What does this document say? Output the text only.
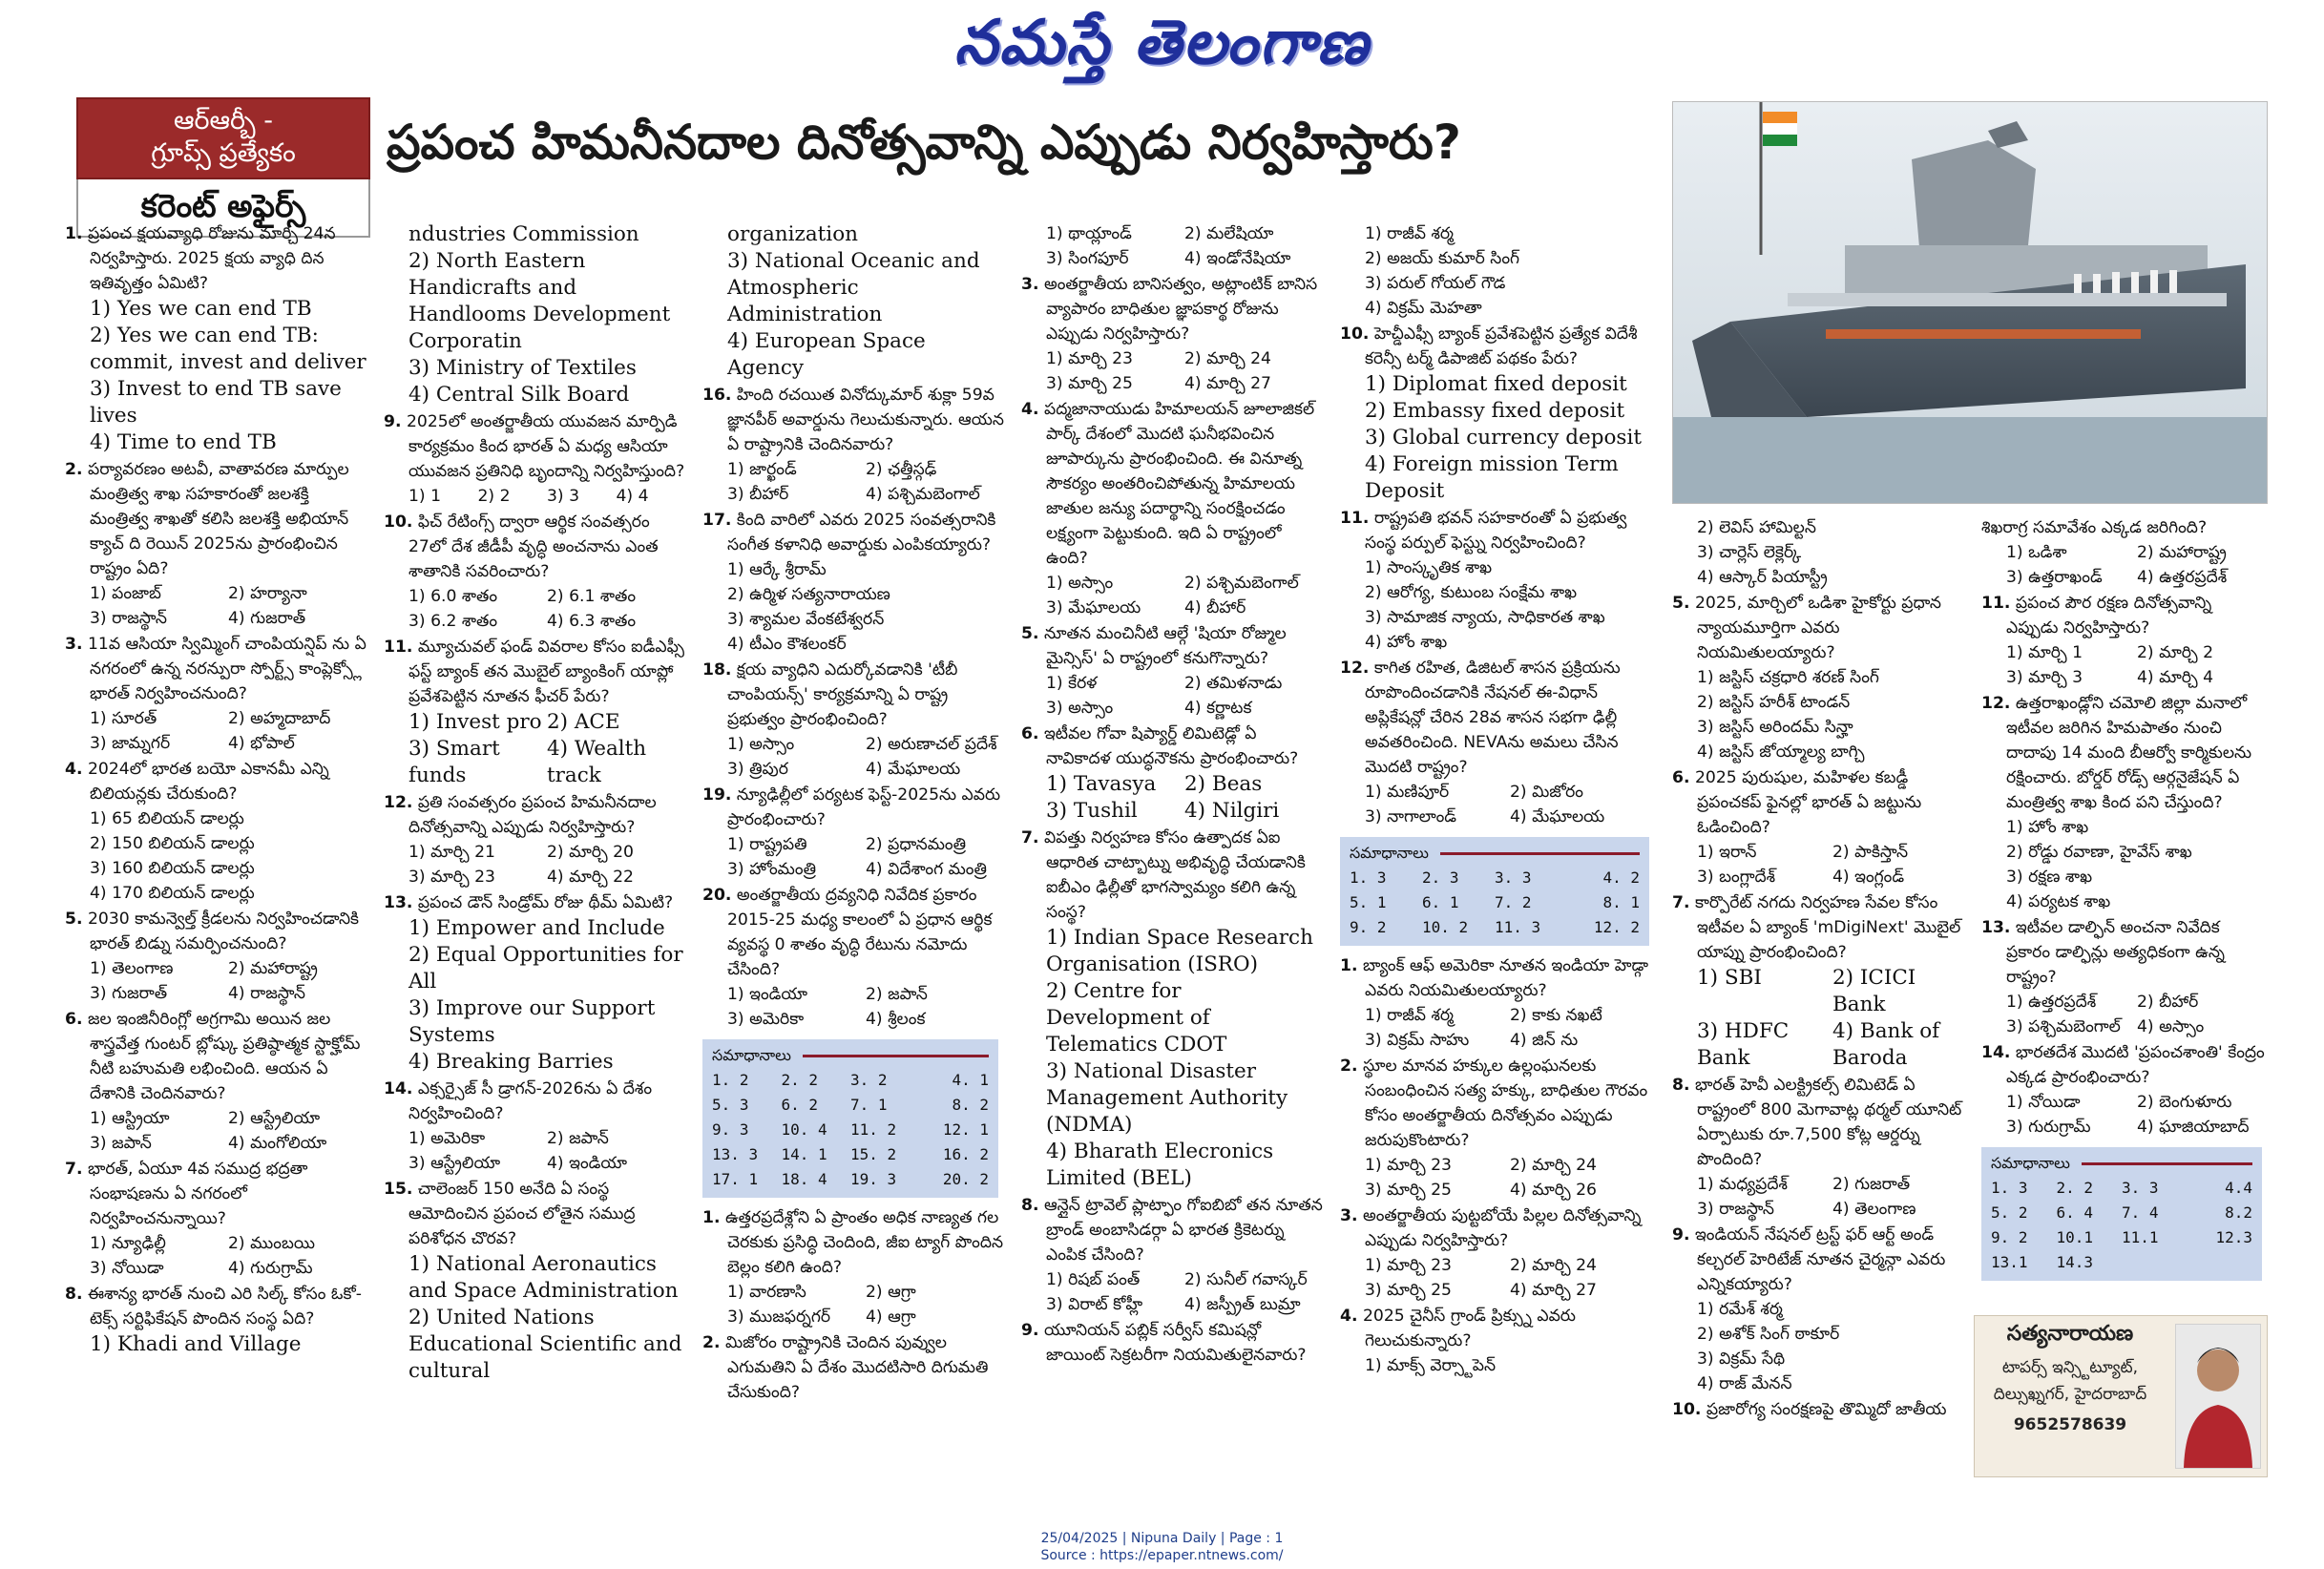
నమస్తే తెలంగాణ
ఆర్ఆర్బీ -
గ్రూప్స్ ప్రత్యేకం
కరెంట్ అఫైర్స్
ప్రపంచ హిమనీనదాల దినోత్సవాన్ని ఎప్పుడు నిర్వహిస్తారు?
1. ప్రపంచ క్షయవ్యాధి రోజును మార్చి 24న నిర్వహిస్తారు. 2025 క్షయ వ్యాధి దిన ఇతివృత్తం ఏమిటి?
1) Yes we can end TB
2) Yes we can end TB: commit, invest and deliver
3) Invest to end TB save lives
4) Time to end TB
2. పర్యావరణం అటవీ, వాతావరణ మార్పుల మంత్రిత్వ శాఖ సహకారంతో జలశక్తి మంత్రిత్వ శాఖతో కలిసి జలశక్తి అభియాన్ క్యాచ్ ది రెయిన్ 2025ను ప్రారంభించిన రాష్ట్రం ఏది?
1) పంజాబ్	2) హర్యానా
3) రాజస్థాన్	4) గుజరాత్
3. 11వ ఆసియా స్విమ్మింగ్ చాంపియన్షిప్ ను ఏ నగరంలో ఉన్న నరన్పురా స్పోర్ట్స్ కాంప్లెక్స్లో భారత్ నిర్వహించనుంది?
1) సూరత్	2) అహ్మదాబాద్
3) జామ్నగర్	4) భోపాల్
4. 2024లో భారత బయో ఎకానమీ ఎన్ని బిలియన్లకు చేరుకుంది?
1) 65 బిలియన్ డాలర్లు
2) 150 బిలియన్ డాలర్లు
3) 160 బిలియన్ డాలర్లు
4) 170 బిలియన్ డాలర్లు
5. 2030 కామన్వెల్త్ క్రీడలను నిర్వహించడానికి భారత్ బిడ్ను సమర్పించనుంది?
1) తెలంగాణ	2) మహారాష్ట్ర
3) గుజరాత్	4) రాజస్థాన్
6. జల ఇంజినీరింగ్లో అగ్రగామి అయిన జల శాస్త్రవేత్త గుంటర్ బ్లోష్కు ప్రతిష్ఠాత్మక స్టాక్హోమ్ నీటి బహుమతి లభించింది. ఆయన ఏ దేశానికి చెందినవారు?
1) ఆస్ట్రియా	2) ఆస్ట్రేలియా
3) జపాన్	4) మంగోలియా
7. భారత్, ఏయూ 4వ సముద్ర భద్రతా సంభాషణను ఏ నగరంలో నిర్వహించనున్నాయి?
1) న్యూఢిల్లీ	2) ముంబయి
3) నోయిడా	4) గురుగ్రామ్
8. ఈశాన్య భారత్ నుంచి ఎరి సిల్క్ కోసం ఓకో-టెక్స్ సర్టిఫికేషన్ పొందిన సంస్థ ఏది?
1) Khadi and Village
ndustries Commission
2) North Eastern Handicrafts and Handlooms Development Corporatin
3) Ministry of Textiles
4) Central Silk Board
9. 2025లో అంతర్జాతీయ యువజన మార్పిడి కార్యక్రమం కింద భారత్ ఏ మధ్య ఆసియా యువజన ప్రతినిధి బృందాన్ని నిర్వహిస్తుంది?
1) 1	2) 2	3) 3	4) 4
10. ఫిచ్ రేటింగ్స్ ద్వారా ఆర్థిక సంవత్సరం 27లో దేశ జీడీపీ వృద్ధి అంచనాను ఎంత శాతానికి సవరించారు?
1) 6.0 శాతం	2) 6.1 శాతం
3) 6.2 శాతం	4) 6.3 శాతం
11. మ్యూచువల్ ఫండ్ వివరాల కోసం ఐడీఎఫ్సీ ఫస్ట్ బ్యాంక్ తన మొబైల్ బ్యాంకింగ్ యాప్లో ప్రవేశపెట్టిన నూతన ఫీచర్ పేరు?
1) Invest pro 2) ACE
3) Smart funds
4) Wealth track
12. ప్రతి సంవత్సరం ప్రపంచ హిమనీనదాల దినోత్సవాన్ని ఎప్పుడు నిర్వహిస్తారు?
1) మార్చి 21	2) మార్చి 20
3) మార్చి 23	4) మార్చి 22
13. ప్రపంచ డౌన్ సిండ్రోమ్ రోజు థీమ్ ఏమిటి?
1) Empower and Include
2) Equal Opportunities for All
3) Improve our Support Systems
4) Breaking Barries
14. ఎక్సర్సైజ్ సీ డ్రాగన్-2026ను ఏ దేశం నిర్వహించింది?
1) అమెరికా	2) జపాన్
3) ఆస్ట్రేలియా	4) ఇండియా
15. చాలెంజర్ 150 అనేది ఏ సంస్థ ఆమోదించిన ప్రపంచ లోతైన సముద్ర పరిశోధన చొరవ?
1) National Aeronautics and Space Administration
2) United Nations Educational Scientific and cultural
organization
3) National Oceanic and Atmospheric Administration
4) European Space Agency
16. హింది రచయిత వినోద్కుమార్ శుక్లా 59వ జ్ఞానపీఠ్ అవార్డును గెలుచుకున్నారు. ఆయన ఏ రాష్ట్రానికి చెందినవారు?
1) జార్ఖండ్	2) ఛత్తీస్గఢ్
3) బీహార్	4) పశ్చిమబెంగాల్
17. కింది వారిలో ఎవరు 2025 సంవత్సరానికి సంగీత కళానిధి అవార్డుకు ఎంపికయ్యారు?
1) ఆర్కే శ్రీరామ్
2) ఉర్మిళ సత్యనారాయణ
3) శ్యామల వేంకటేశ్వరన్
4) టీఎం కౌశలంకర్
18. క్షయ వ్యాధిని ఎదుర్కోవడానికి 'టీబీ చాంపియన్స్' కార్యక్రమాన్ని ఏ రాష్ట్ర ప్రభుత్వం ప్రారంభించింది?
1) అస్సాం	2) అరుణాచల్ ప్రదేశ్
3) త్రిపుర	4) మేఘాలయ
19. న్యూఢిల్లీలో పర్యటక ఫెస్ట్-2025ను ఎవరు ప్రారంభించారు?
1) రాష్ట్రపతి	2) ప్రధానమంత్రి
3) హోంమంత్రి	4) విదేశాంగ మంత్రి
20. అంతర్జాతీయ ద్రవ్యనిధి నివేదిక ప్రకారం 2015-25 మధ్య కాలంలో ఏ ప్రధాన ఆర్థిక వ్యవస్థ 0 శాతం వృద్ధి రేటును నమోదు చేసింది?
1) ఇండియా	2) జపాన్
3) అమెరికా	4) శ్రీలంక
సమాధానాలు
1. 2	2. 2	3. 2	4. 1
5. 3	6. 2	7. 1	8. 2
9. 3	10. 4	11. 2	12. 1
13. 3	14. 1	15. 2	16. 2
17. 1	18. 4	19. 3	20. 2
1. ఉత్తరప్రదేశ్లోని ఏ ప్రాంతం అధిక నాణ్యత గల చెరకుకు ప్రసిద్ధి చెందింది, జీఐ ట్యాగ్ పొందిన బెల్లం కలిగి ఉంది?
1) వారణాసి	2) ఆగ్రా
3) ముజఫర్నగర్	4) ఆగ్రా
2. మిజోరం రాష్ట్రానికి చెందిన పువ్వుల ఎగుమతిని ఏ దేశం మొదటిసారి దిగుమతి చేసుకుంది?
1) థాయ్లాండ్	2) మలేషియా
3) సింగపూర్	4) ఇండోనేషియా
3. అంతర్జాతీయ బానిసత్వం, అట్లాంటిక్ బానిస వ్యాపారం బాధితుల జ్ఞాపకార్థ రోజును ఎప్పుడు నిర్వహిస్తారు?
1) మార్చి 23	2) మార్చి 24
3) మార్చి 25	4) మార్చి 27
4. పద్మజానాయుడు హిమాలయన్ జూలాజికల్ పార్క్ దేశంలో మొదటి ఘనీభవించిన జూపార్కును ప్రారంభించింది. ఈ వినూత్న సౌకర్యం అంతరించిపోతున్న హిమాలయ జాతుల జన్యు పదార్థాన్ని సంరక్షించడం లక్ష్యంగా పెట్టుకుంది. ఇది ఏ రాష్ట్రంలో ఉంది?
1) అస్సాం	2) పశ్చిమబెంగాల్
3) మేఘాలయ	4) బీహార్
5. నూతన మంచినీటి ఆల్గే 'షియా రోజ్ముల మైన్సిస్' ఏ రాష్ట్రంలో కనుగొన్నారు?
1) కేరళ	2) తమిళనాడు
3) అస్సాం	4) కర్ణాటక
6. ఇటీవల గోవా షిప్యార్డ్ లిమిటెడ్లో ఏ నావికాదళ యుద్ధనౌకను ప్రారంభించారు?
1) Tavasya	2) Beas
3) Tushil	4) Nilgiri
7. విపత్తు నిర్వహణ కోసం ఉత్పాదక ఏఐ ఆధారిత చాట్బాట్ను అభివృద్ధి చేయడానికి ఐబీఎం ఢిల్లీతో భాగస్వామ్యం కలిగి ఉన్న సంస్థ?
1) Indian Space Research Organisation (ISRO)
2) Centre for Development of Telematics CDOT
3) National Disaster Management Authority (NDMA)
4) Bharath Elecronics Limited (BEL)
8. ఆన్లైన్ ట్రావెల్ ప్లాట్ఫాం గోఐబిబో తన నూతన బ్రాండ్ అంబాసిడర్గా ఏ భారత క్రికెటర్ను ఎంపిక చేసింది?
1) రిషబ్ పంత్	2) సునీల్ గవాస్కర్
3) విరాట్ కోహ్లీ	4) జస్ప్రీత్ బుమ్రా
9. యూనియన్ పబ్లిక్ సర్వీస్ కమిషన్లో జాయింట్ సెక్రటరీగా నియమితులైనవారు?
1) రాజీవ్ శర్మ
2) అజయ్ కుమార్ సింగ్
3) పరుల్ గోయల్ గౌడ
4) విక్రమ్ మెహతా
10. హెచ్డీఎఫ్సీ బ్యాంక్ ప్రవేశపెట్టిన ప్రత్యేక విదేశీ కరెన్సీ టర్మ్ డిపాజిట్ పథకం పేరు?
1) Diplomat fixed deposit
2) Embassy fixed deposit
3) Global currency deposit
4) Foreign mission Term Deposit
11. రాష్ట్రపతి భవన్ సహకారంతో ఏ ప్రభుత్వ సంస్థ పర్పుల్ ఫెస్ట్ను నిర్వహించింది?
1) సాంస్కృతిక శాఖ
2) ఆరోగ్య, కుటుంబ సంక్షేమ శాఖ
3) సామాజిక న్యాయ, సాధికారత శాఖ
4) హోం శాఖ
12. కాగిత రహిత, డిజిటల్ శాసన ప్రక్రియను రూపొందించడానికి నేషనల్ ఈ-విధాన్ అప్లికేషన్లో చేరిన 28వ శాసన సభగా ఢిల్లీ అవతరించింది. NEVAను అమలు చేసిన మొదటి రాష్ట్రం?
1) మణిపూర్	2) మిజోరం
3) నాగాలాండ్	4) మేఘాలయ
సమాధానాలు
1. 3	2. 3	3. 3	4. 2
5. 1	6. 1	7. 2	8. 1
9. 2	10. 2	11. 3	12. 2
1. బ్యాంక్ ఆఫ్ అమెరికా నూతన ఇండియా హెడ్గా ఎవరు నియమితులయ్యారు?
1) రాజీవ్ శర్మ	2) కాకు నఖటే
3) విక్రమ్ సాహు	4) జిన్ ను
2. స్థూల మానవ హక్కుల ఉల్లంఘనలకు సంబంధించిన సత్య హక్కు, బాధితుల గౌరవం కోసం అంతర్జాతీయ దినోత్సవం ఎప్పుడు జరుపుకొంటారు?
1) మార్చి 23	2) మార్చి 24
3) మార్చి 25	4) మార్చి 26
3. అంతర్జాతీయ పుట్టబోయే పిల్లల దినోత్సవాన్ని ఎప్పుడు నిర్వహిస్తారు?
1) మార్చి 23	2) మార్చి 24
3) మార్చి 25	4) మార్చి 27
4. 2025 చైనీస్ గ్రాండ్ ప్రిక్స్ను ఎవరు గెలుచుకున్నారు?
1) మాక్స్ వెర్స్టాపెన్
2) లెవిస్ హామిల్టన్
3) చార్లెస్ లెక్లెర్క్
4) ఆస్కార్ పియాస్ట్రీ
5. 2025, మార్చిలో ఒడిశా హైకోర్టు ప్రధాన న్యాయమూర్తిగా ఎవరు నియమితులయ్యారు?
1) జస్టిస్ చక్రధారి శరణ్ సింగ్
2) జస్టిస్ హరీశ్ టాండన్
3) జస్టిస్ అరిందమ్ సిన్హా
4) జస్టిస్ జోయ్మాల్య బాగ్చి
6. 2025 పురుషుల, మహిళల కబడ్డీ ప్రపంచకప్ ఫైనల్లో భారత్ ఏ జట్టును ఓడించింది?
1) ఇరాన్	2) పాకిస్తాన్
3) బంగ్లాదేశ్	4) ఇంగ్లండ్
7. కార్పొరేట్ నగదు నిర్వహణ సేవల కోసం ఇటీవల ఏ బ్యాంక్ 'mDigiNext' మొబైల్ యాప్ను ప్రారంభించింది?
1) SBI	2) ICICI Bank
3) HDFC Bank
4) Bank of Baroda
8. భారత్ హెవీ ఎలక్ట్రికల్స్ లిమిటెడ్ ఏ రాష్ట్రంలో 800 మెగావాట్ల థర్మల్ యూనిట్ ఏర్పాటుకు రూ.7,500 కోట్ల ఆర్డర్ను పొందింది?
1) మధ్యప్రదేశ్	2) గుజరాత్
3) రాజస్థాన్	4) తెలంగాణ
9. ఇండియన్ నేషనల్ ట్రస్ట్ ఫర్ ఆర్ట్ అండ్ కల్చరల్ హెరిటేజ్ నూతన చైర్మన్గా ఎవరు ఎన్నికయ్యారు?
1) రమేశ్ శర్మ
2) అశోక్ సింగ్ ఠాకూర్
3) విక్రమ్ సేథి
4) రాజ్ మేనన్
10. ప్రజారోగ్య సంరక్షణపై తొమ్మిదో జాతీయ
శిఖరాగ్ర సమావేశం ఎక్కడ జరిగింది?
1) ఒడిశా	2) మహారాష్ట్ర
3) ఉత్తరాఖండ్	4) ఉత్తరప్రదేశ్
11. ప్రపంచ పౌర రక్షణ దినోత్సవాన్ని ఎప్పుడు నిర్వహిస్తారు?
1) మార్చి 1	2) మార్చి 2
3) మార్చి 3	4) మార్చి 4
12. ఉత్తరాఖండ్లోని చమోలి జిల్లా మనాలో ఇటీవల జరిగిన హిమపాతం నుంచి దాదాపు 14 మంది బీఆర్వో కార్మికులను రక్షించారు. బోర్డర్ రోడ్స్ ఆర్గనైజేషన్ ఏ మంత్రిత్వ శాఖ కింద పని చేస్తుంది?
1) హోం శాఖ
2) రోడ్డు రవాణా, హైవేస్ శాఖ
3) రక్షణ శాఖ
4) పర్యటక శాఖ
13. ఇటీవల డాల్ఫిన్ అంచనా నివేదిక ప్రకారం డాల్ఫిన్లు అత్యధికంగా ఉన్న రాష్ట్రం?
1) ఉత్తరప్రదేశ్	2) బీహార్
3) పశ్చిమబెంగాల్ 4) అస్సాం
14. భారతదేశ మొదటి 'ప్రపంచశాంతి' కేంద్రం ఎక్కడ ప్రారంభించారు?
1) నోయిడా	2) బెంగుళూరు
3) గురుగ్రామ్	4) ఘాజియాబాద్
సమాధానాలు
1. 3	2. 2	3. 3	4.4
5. 2	6. 4	7. 4	8.2
9. 2	10.1	11.1	12.3
13.1	14.3
సత్యనారాయణ
టాపర్స్ ఇన్స్టిట్యూట్,
దిల్సుఖ్నగర్, హైదరాబాద్
9652578639
25/04/2025 | Nipuna Daily | Page : 1
Source : https://epaper.ntnews.com/
